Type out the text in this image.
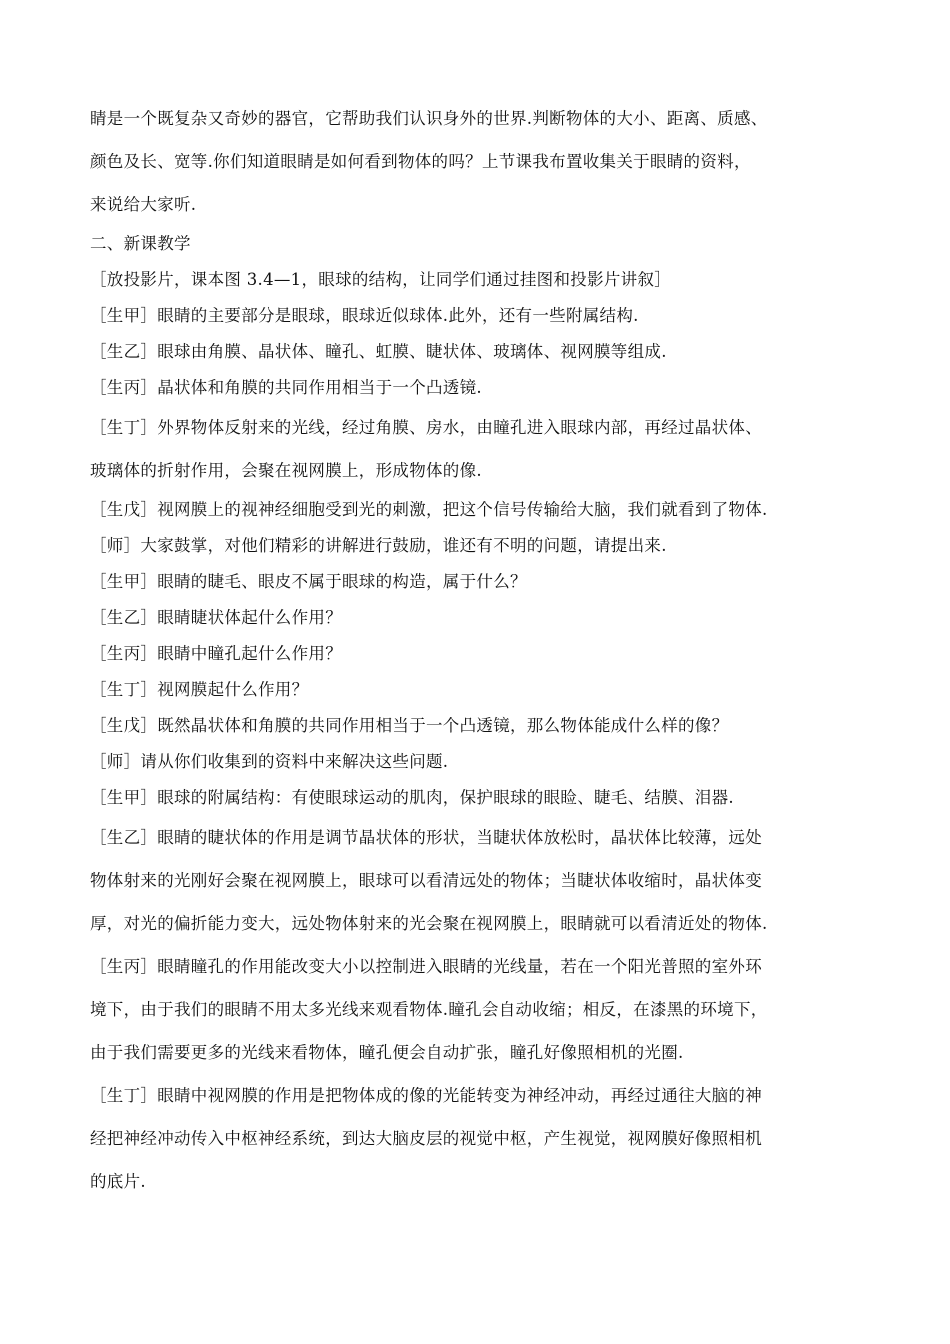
睛是一个既复杂又奇妙的器官，它帮助我们认识身外的世界.判断物体的大小、距离、质感、
颜色及长、宽等.你们知道眼睛是如何看到物体的吗？上节课我布置收集关于眼睛的资料，
来说给大家听.

二、新课教学

［放投影片，课本图 3.4—1，眼球的结构，让同学们通过挂图和投影片讲叙］

［生甲］眼睛的主要部分是眼球，眼球近似球体.此外，还有一些附属结构.

［生乙］眼球由角膜、晶状体、瞳孔、虹膜、睫状体、玻璃体、视网膜等组成.

［生丙］晶状体和角膜的共同作用相当于一个凸透镜.

［生丁］外界物体反射来的光线，经过角膜、房水，由瞳孔进入眼球内部，再经过晶状体、
玻璃体的折射作用，会聚在视网膜上，形成物体的像.

［生戊］视网膜上的视神经细胞受到光的刺激，把这个信号传输给大脑，我们就看到了物体.

［师］大家鼓掌，对他们精彩的讲解进行鼓励，谁还有不明的问题，请提出来.

［生甲］眼睛的睫毛、眼皮不属于眼球的构造，属于什么？

［生乙］眼睛睫状体起什么作用？

［生丙］眼睛中瞳孔起什么作用？

［生丁］视网膜起什么作用？

［生戊］既然晶状体和角膜的共同作用相当于一个凸透镜，那么物体能成什么样的像？

［师］请从你们收集到的资料中来解决这些问题.

［生甲］眼球的附属结构：有使眼球运动的肌肉，保护眼球的眼睑、睫毛、结膜、泪器.

［生乙］眼睛的睫状体的作用是调节晶状体的形状，当睫状体放松时，晶状体比较薄，远处
物体射来的光刚好会聚在视网膜上，眼球可以看清远处的物体；当睫状体收缩时，晶状体变
厚，对光的偏折能力变大，远处物体射来的光会聚在视网膜上，眼睛就可以看清近处的物体.

［生丙］眼睛瞳孔的作用能改变大小以控制进入眼睛的光线量，若在一个阳光普照的室外环
境下，由于我们的眼睛不用太多光线来观看物体.瞳孔会自动收缩；相反，在漆黑的环境下，
由于我们需要更多的光线来看物体，瞳孔便会自动扩张，瞳孔好像照相机的光圈.

［生丁］眼睛中视网膜的作用是把物体成的像的光能转变为神经冲动，再经过通往大脑的神
经把神经冲动传入中枢神经系统，到达大脑皮层的视觉中枢，产生视觉，视网膜好像照相机
的底片.
